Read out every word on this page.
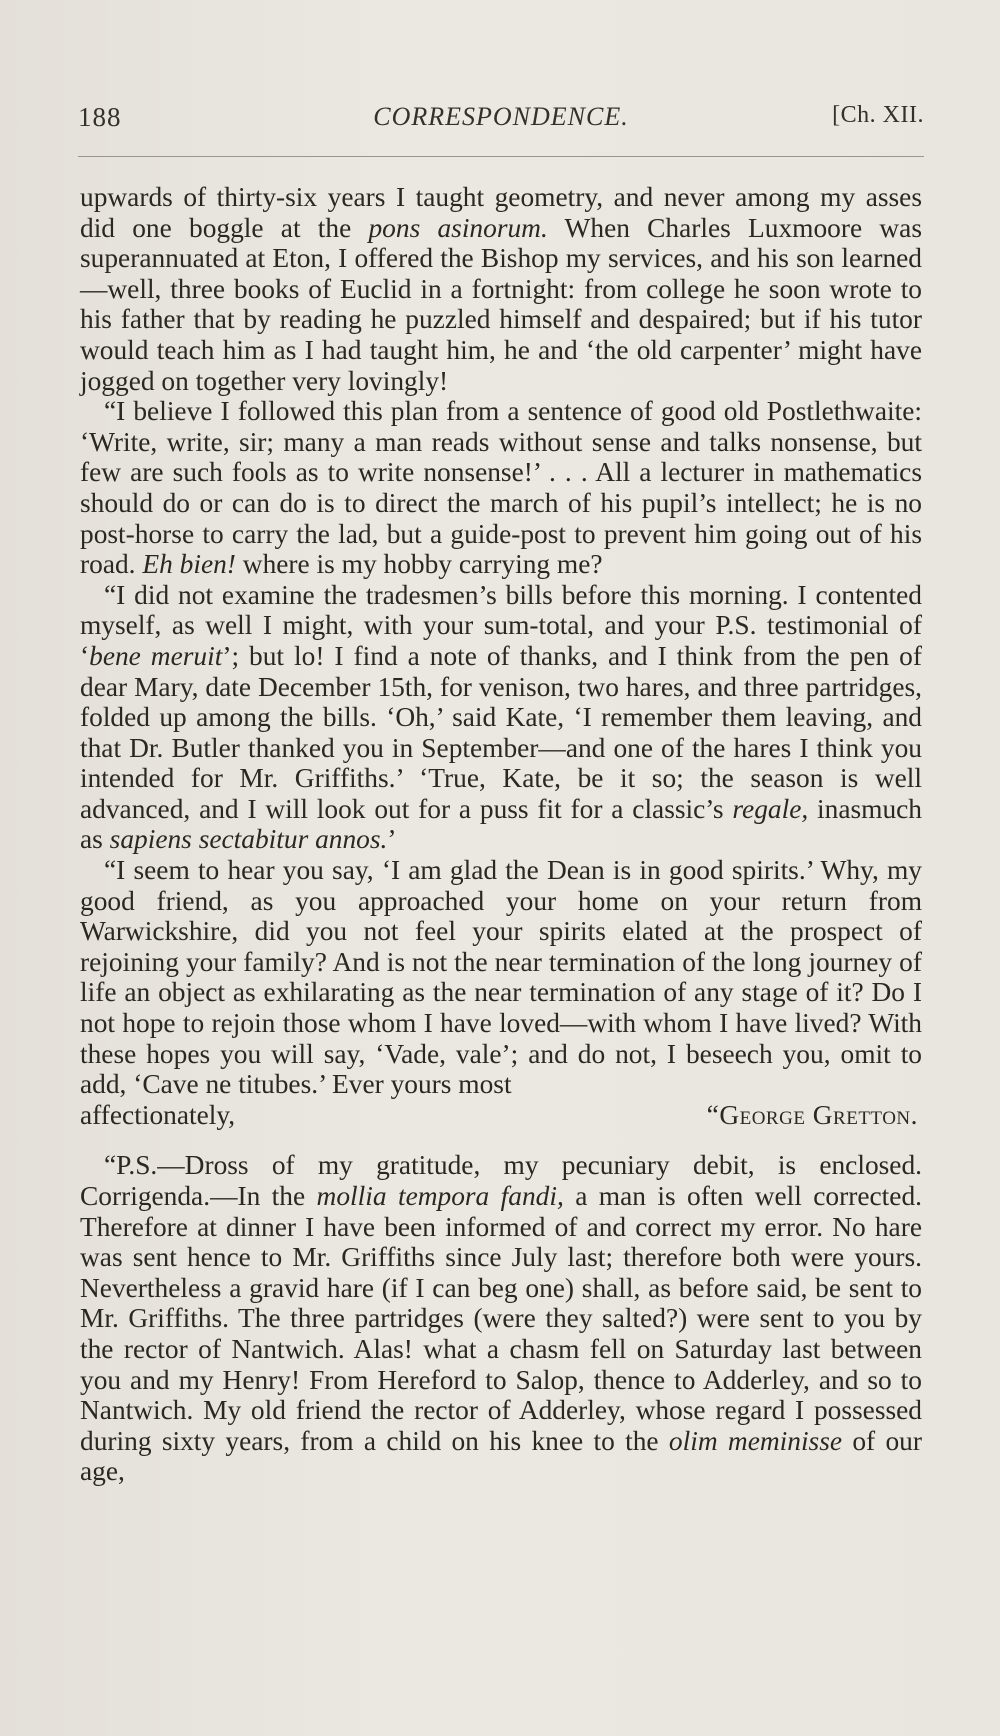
188	CORRESPONDENCE.	[Ch. XII.

upwards of thirty-six years I taught geometry, and never among my asses did one boggle at the pons asinorum. When Charles Luxmoore was superannuated at Eton, I offered the Bishop my services, and his son learned—well, three books of Euclid in a fortnight: from college he soon wrote to his father that by reading he puzzled himself and despaired; but if his tutor would teach him as I had taught him, he and ‘the old carpenter’ might have jogged on together very lovingly!

“I believe I followed this plan from a sentence of good old Postlethwaite: ‘Write, write, sir; many a man reads without sense and talks nonsense, but few are such fools as to write nonsense!’ . . . All a lecturer in mathematics should do or can do is to direct the march of his pupil’s intellect; he is no post-horse to carry the lad, but a guide-post to prevent him going out of his road. Eh bien! where is my hobby carrying me?

“I did not examine the tradesmen’s bills before this morning. I contented myself, as well I might, with your sum-total, and your P.S. testimonial of ‘bene meruit’; but lo! I find a note of thanks, and I think from the pen of dear Mary, date December 15th, for venison, two hares, and three partridges, folded up among the bills. ‘Oh,’ said Kate, ‘I remember them leaving, and that Dr. Butler thanked you in September—and one of the hares I think you intended for Mr. Griffiths.’ ‘True, Kate, be it so; the season is well advanced, and I will look out for a puss fit for a classic’s regale, inasmuch as sapiens sectabitur annos.’

“I seem to hear you say, ‘I am glad the Dean is in good spirits.’ Why, my good friend, as you approached your home on your return from Warwickshire, did you not feel your spirits elated at the prospect of rejoining your family? And is not the near termination of the long journey of life an object as exhilarating as the near termination of any stage of it? Do I not hope to rejoin those whom I have loved—with whom I have lived? With these hopes you will say, ‘Vade, vale’; and do not, I beseech you, omit to add, ‘Cave ne titubes.’ Ever yours most

affectionately,	“George Gretton.

“P.S.—Dross of my gratitude, my pecuniary debit, is enclosed. Corrigenda.—In the mollia tempora fandi, a man is often well corrected. Therefore at dinner I have been informed of and correct my error. No hare was sent hence to Mr. Griffiths since July last; therefore both were yours. Nevertheless a gravid hare (if I can beg one) shall, as before said, be sent to Mr. Griffiths. The three partridges (were they salted?) were sent to you by the rector of Nantwich. Alas! what a chasm fell on Saturday last between you and my Henry! From Hereford to Salop, thence to Adderley, and so to Nantwich. My old friend the rector of Adderley, whose regard I possessed during sixty years, from a child on his knee to the olim meminisse of our age,
